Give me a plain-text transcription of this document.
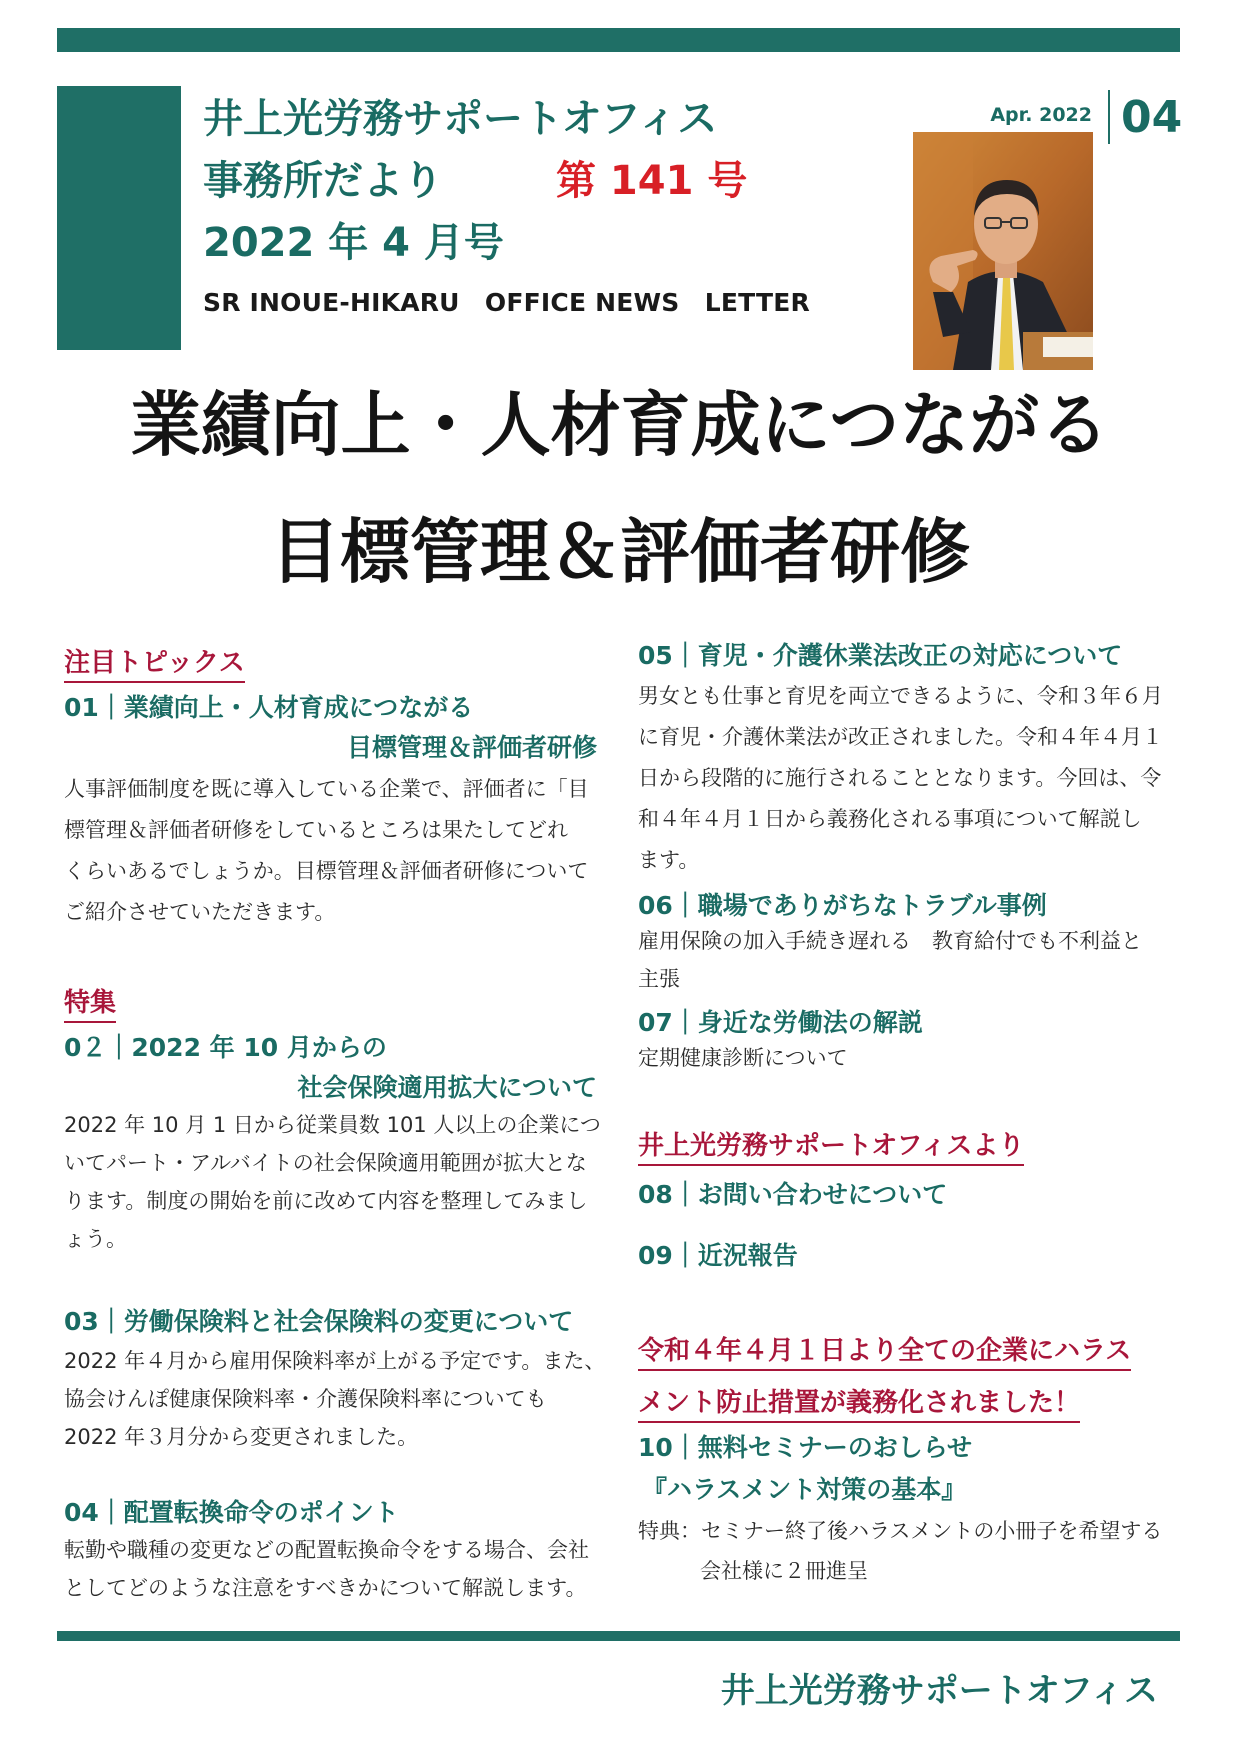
井上光労務サポートオフィス
事務所だより	第 141 号
2022 年 4 月号
SR INOUE-HIKARU　OFFICE NEWS　LETTER
Apr. 2022 04
業績向上・人材育成につながる
目標管理＆評価者研修
注目トピックス
01｜業績向上・人材育成につながる
目標管理＆評価者研修
人事評価制度を既に導入している企業で、評価者に「目
標管理＆評価者研修をしているところは果たしてどれ
くらいあるでしょうか。目標管理＆評価者研修について
ご紹介させていただきます。
特集
0２｜2022 年 10 月からの
社会保険適用拡大について
2022 年 10 月 1 日から従業員数 101 人以上の企業につ
いてパート・アルバイトの社会保険適用範囲が拡大とな
ります。制度の開始を前に改めて内容を整理してみまし
ょう。
03｜労働保険料と社会保険料の変更について
2022 年４月から雇用保険料率が上がる予定です。また、
協会けんぽ健康保険料率・介護保険料率についても
2022 年３月分から変更されました。
04｜配置転換命令のポイント
転勤や職種の変更などの配置転換命令をする場合、会社
としてどのような注意をすべきかについて解説します。
05｜育児・介護休業法改正の対応について
男女とも仕事と育児を両立できるように、令和３年６月
に育児・介護休業法が改正されました。令和４年４月１
日から段階的に施行されることとなります。今回は、令
和４年４月１日から義務化される事項について解説し
ます。
06｜職場でありがちなトラブル事例
雇用保険の加入手続き遅れる　教育給付でも不利益と
主張
07｜身近な労働法の解説
定期健康診断について
井上光労務サポートオフィスより
08｜お問い合わせについて
09｜近況報告
令和４年４月１日より全ての企業にハラス
メント防止措置が義務化されました！
10｜無料セミナーのおしらせ
『ハラスメント対策の基本』
特典：セミナー終了後ハラスメントの小冊子を希望する
会社様に２冊進呈
井上光労務サポートオフィス
